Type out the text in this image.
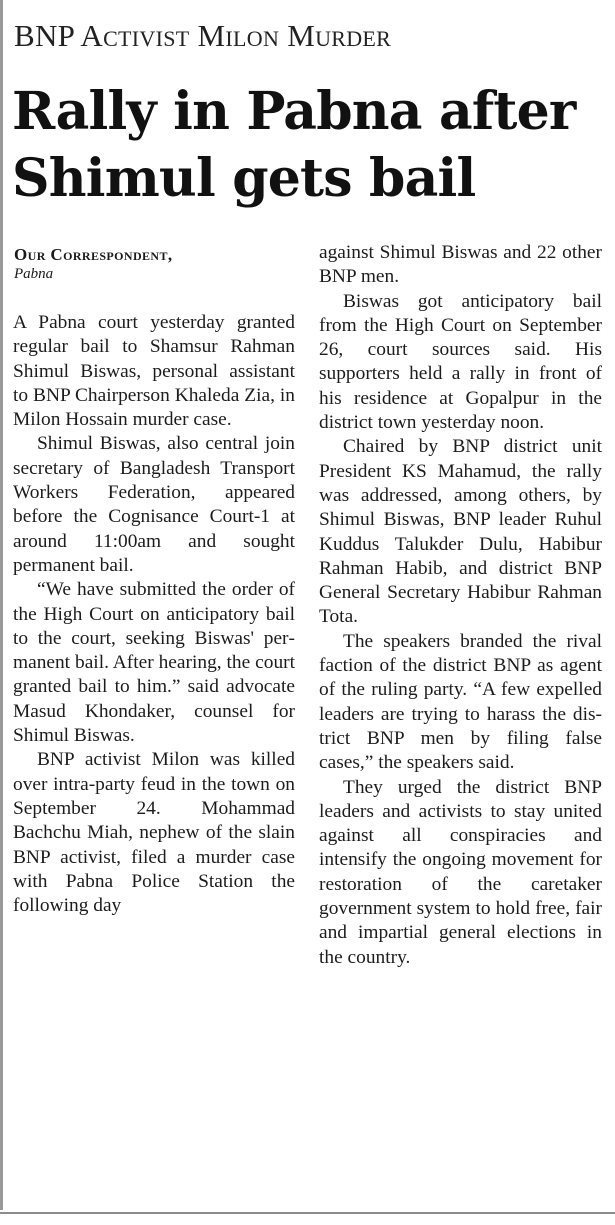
BNP Activist Milon Murder
Rally in Pabna after Shimul gets bail
Our Correspondent,
Pabna

A Pabna court yesterday granted regular bail to Shamsur Rahman Shimul Biswas, personal assistant to BNP Chairperson Khaleda Zia, in Milon Hossain murder case.

Shimul Biswas, also central join secretary of Bangladesh Transport Workers Federation, appeared before the Cognisance Court-1 at around 11:00am and sought permanent bail.

“We have submitted the order of the High Court on anticipatory bail to the court, seeking Biswas' permanent bail. After hearing, the court granted bail to him.” said advocate Masud Khondaker, counsel for Shimul Biswas.

BNP activist Milon was killed over intra-party feud in the town on September 24. Mohammad Bachchu Miah, nephew of the slain BNP activist, filed a murder case with Pabna Police Station the following day

against Shimul Biswas and 22 other BNP men.

Biswas got anticipatory bail from the High Court on September 26, court sources said. His supporters held a rally in front of his residence at Gopalpur in the district town yesterday noon.

Chaired by BNP district unit President KS Mahamud, the rally was addressed, among others, by Shimul Biswas, BNP leader Ruhul Kuddus Talukder Dulu, Habibur Rahman Habib, and district BNP General Secretary Habibur Rahman Tota.

The speakers branded the rival faction of the district BNP as agent of the ruling party. “A few expelled leaders are trying to harass the district BNP men by filing false cases,” the speakers said.

They urged the district BNP leaders and activists to stay united against all conspiracies and intensify the ongoing movement for restoration of the caretaker government system to hold free, fair and impartial general elections in the country.
